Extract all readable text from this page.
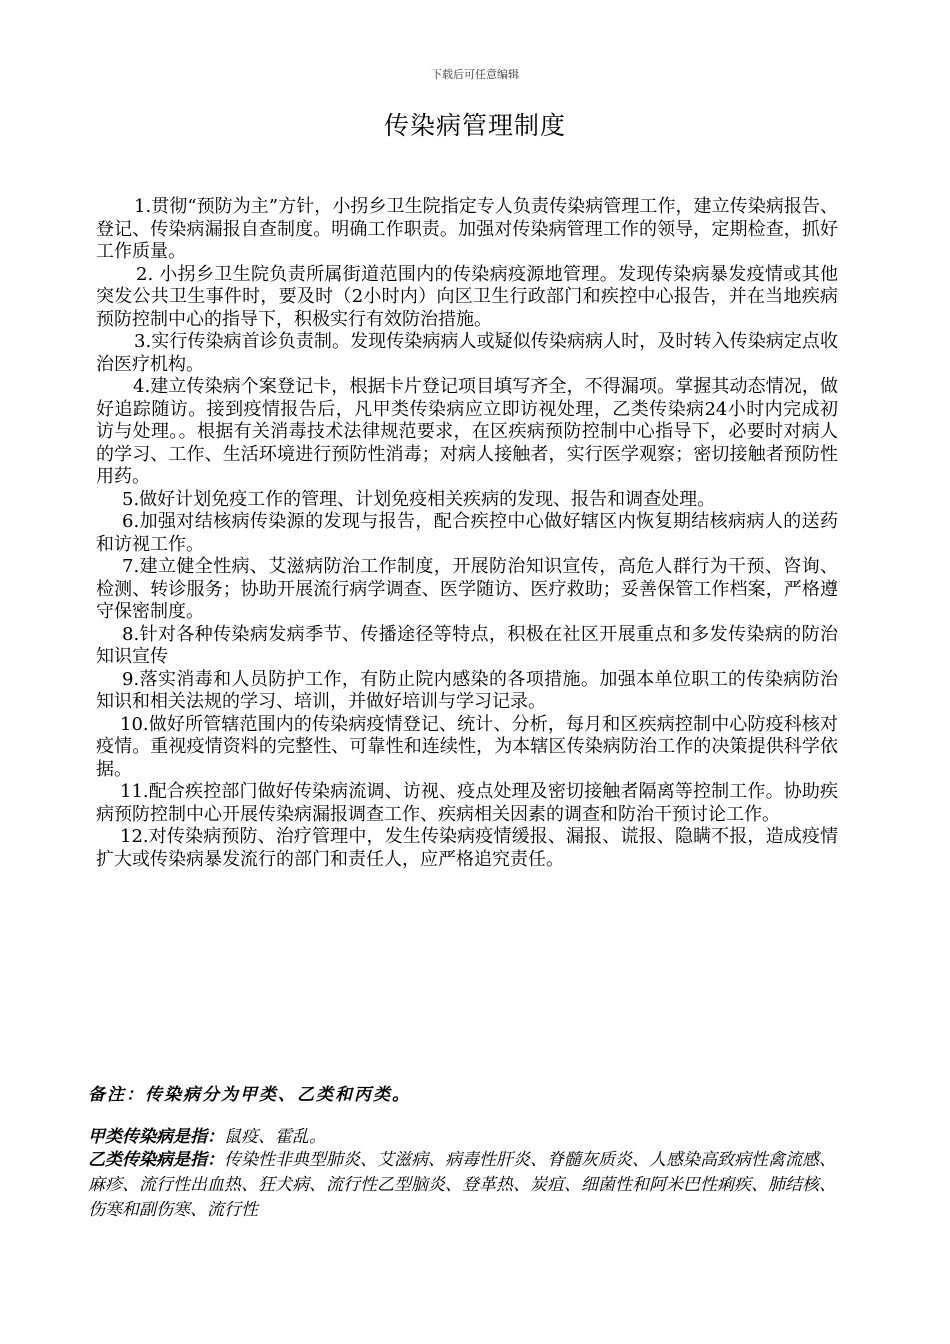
下载后可任意编辑
传染病管理制度

1.贯彻“预防为主”方针，小拐乡卫生院指定专人负责传染病管理工作，建立传染病报告、登记、传染病漏报自查制度。明确工作职责。加强对传染病管理工作的领导，定期检查，抓好工作质量。

2. 小拐乡卫生院负责所属街道范围内的传染病疫源地管理。发现传染病暴发疫情或其他突发公共卫生事件时，要及时（2小时内）向区卫生行政部门和疾控中心报告，并在当地疾病预防控制中心的指导下，积极实行有效防治措施。

3.实行传染病首诊负责制。发现传染病病人或疑似传染病病人时，及时转入传染病定点收治医疗机构。

4.建立传染病个案登记卡，根据卡片登记项目填写齐全，不得漏项。掌握其动态情况，做好追踪随访。接到疫情报告后，凡甲类传染病应立即访视处理，乙类传染病24小时内完成初访与处理。。根据有关消毒技术法律规范要求，在区疾病预防控制中心指导下，必要时对病人的学习、工作、生活环境进行预防性消毒；对病人接触者，实行医学观察；密切接触者预防性用药。

5.做好计划免疫工作的管理、计划免疫相关疾病的发现、报告和调查处理。

6.加强对结核病传染源的发现与报告，配合疾控中心做好辖区内恢复期结核病病人的送药和访视工作。

7.建立健全性病、艾滋病防治工作制度，开展防治知识宣传，高危人群行为干预、咨询、检测、转诊服务；协助开展流行病学调查、医学随访、医疗救助；妥善保管工作档案，严格遵守保密制度。

8.针对各种传染病发病季节、传播途径等特点，积极在社区开展重点和多发传染病的防治知识宣传

9.落实消毒和人员防护工作，有防止院内感染的各项措施。加强本单位职工的传染病防治知识和相关法规的学习、培训，并做好培训与学习记录。

10.做好所管辖范围内的传染病疫情登记、统计、分析，每月和区疾病控制中心防疫科核对疫情。重视疫情资料的完整性、可靠性和连续性，为本辖区传染病防治工作的决策提供科学依据。

11.配合疾控部门做好传染病流调、访视、疫点处理及密切接触者隔离等控制工作。协助疾病预防控制中心开展传染病漏报调查工作、疾病相关因素的调查和防治干预讨论工作。

12.对传染病预防、治疗管理中，发生传染病疫情缓报、漏报、谎报、隐瞒不报，造成疫情扩大或传染病暴发流行的部门和责任人，应严格追究责任。

备注：传染病分为甲类、乙类和丙类。
甲类传染病是指：鼠疫、霍乱。
乙类传染病是指：传染性非典型肺炎、艾滋病、病毒性肝炎、脊髓灰质炎、人感染高致病性禽流感、麻疹、流行性出血热、狂犬病、流行性乙型脑炎、登革热、炭疽、细菌性和阿米巴性痢疾、肺结核、伤寒和副伤寒、流行性
